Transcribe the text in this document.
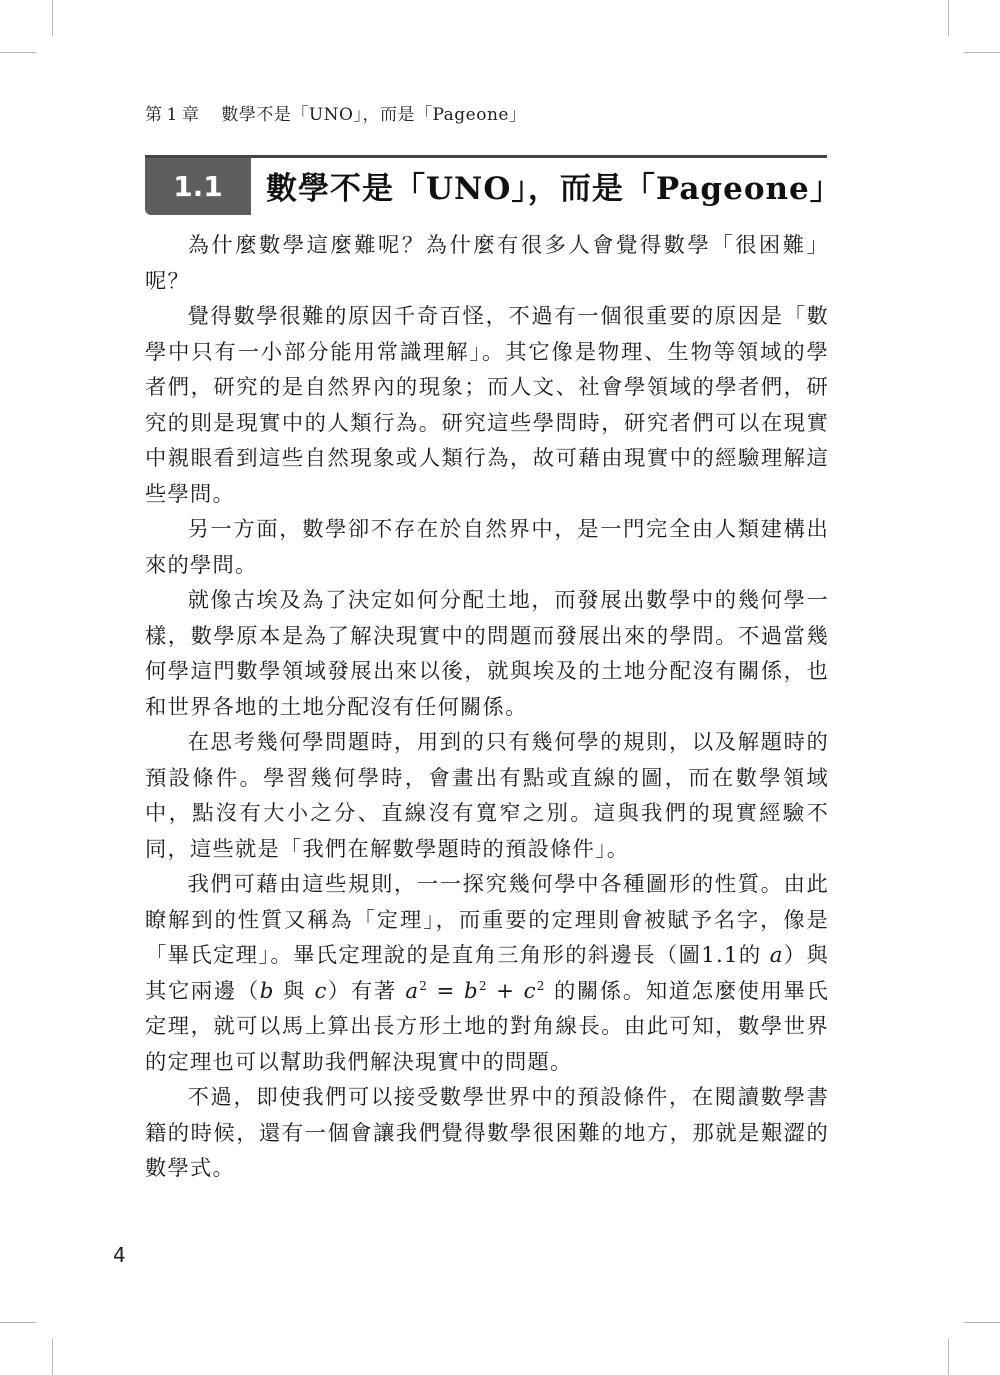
第 1 章 數學不是「UNO」，而是「Pageone」
1.1	數學不是「UNO」，而是「Pageone」

為什麼數學這麼難呢？為什麼有很多人會覺得數學「很困難」呢？

覺得數學很難的原因千奇百怪，不過有一個很重要的原因是「數學中只有一小部分能用常識理解」。其它像是物理、生物等領域的學者們，研究的是自然界內的現象；而人文、社會學領域的學者們，研究的則是現實中的人類行為。研究這些學問時，研究者們可以在現實中親眼看到這些自然現象或人類行為，故可藉由現實中的經驗理解這些學問。

另一方面，數學卻不存在於自然界中，是一門完全由人類建構出來的學問。

就像古埃及為了決定如何分配土地，而發展出數學中的幾何學一樣，數學原本是為了解決現實中的問題而發展出來的學問。不過當幾何學這門數學領域發展出來以後，就與埃及的土地分配沒有關係，也和世界各地的土地分配沒有任何關係。

在思考幾何學問題時，用到的只有幾何學的規則，以及解題時的預設條件。學習幾何學時，會畫出有點或直線的圖，而在數學領域中，點沒有大小之分、直線沒有寬窄之別。這與我們的現實經驗不同，這些就是「我們在解數學題時的預設條件」。

我們可藉由這些規則，一一探究幾何學中各種圖形的性質。由此瞭解到的性質又稱為「定理」，而重要的定理則會被賦予名字，像是「畢氏定理」。畢氏定理說的是直角三角形的斜邊長（圖1.1的 a）與其它兩邊（b 與 c）有著 $a^2 = b^2 + c^2$ 的關係。知道怎麼使用畢氏定理，就可以馬上算出長方形土地的對角線長。由此可知，數學世界的定理也可以幫助我們解決現實中的問題。

不過，即使我們可以接受數學世界中的預設條件，在閱讀數學書籍的時候，還有一個會讓我們覺得數學很困難的地方，那就是艱澀的數學式。

4
